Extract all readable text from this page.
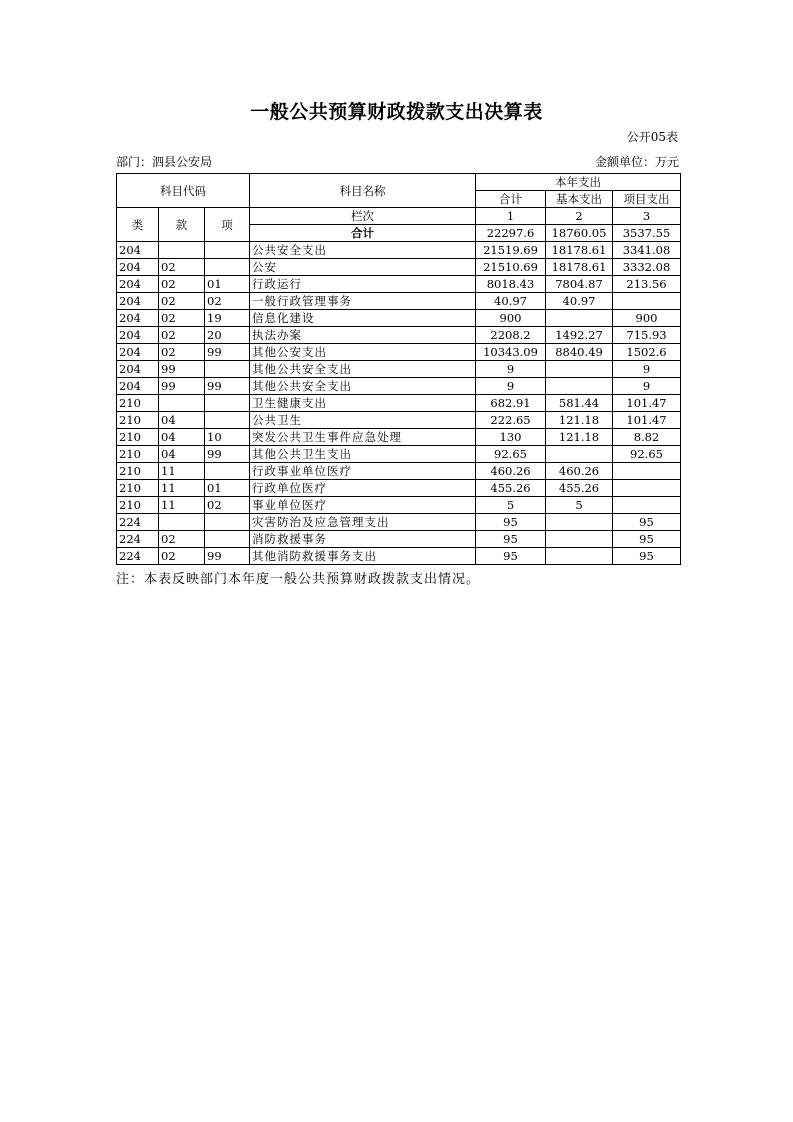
一般公共预算财政拨款支出决算表
公开05表
部门：泗县公安局	金额单位：万元
科目代码			科目名称	本年支出		
				合计	基本支出	项目支出
类	款	项	栏次	1	2	3
			合计	22297.6	18760.05	3537.55
204			公共安全支出	21519.69	18178.61	3341.08
204	02		公安	21510.69	18178.61	3332.08
204	02	01	行政运行	8018.43	7804.87	213.56
204	02	02	一般行政管理事务	40.97	40.97	
204	02	19	信息化建设	900		900
204	02	20	执法办案	2208.2	1492.27	715.93
204	02	99	其他公安支出	10343.09	8840.49	1502.6
204	99		其他公共安全支出	9		9
204	99	99	其他公共安全支出	9		9
210			卫生健康支出	682.91	581.44	101.47
210	04		公共卫生	222.65	121.18	101.47
210	04	10	突发公共卫生事件应急处理	130	121.18	8.82
210	04	99	其他公共卫生支出	92.65		92.65
210	11		行政事业单位医疗	460.26	460.26	
210	11	01	行政单位医疗	455.26	455.26	
210	11	02	事业单位医疗	5	5	
224			灾害防治及应急管理支出	95		95
224	02		消防救援事务	95		95
224	02	99	其他消防救援事务支出	95		95
注：本表反映部门本年度一般公共预算财政拨款支出情况。
